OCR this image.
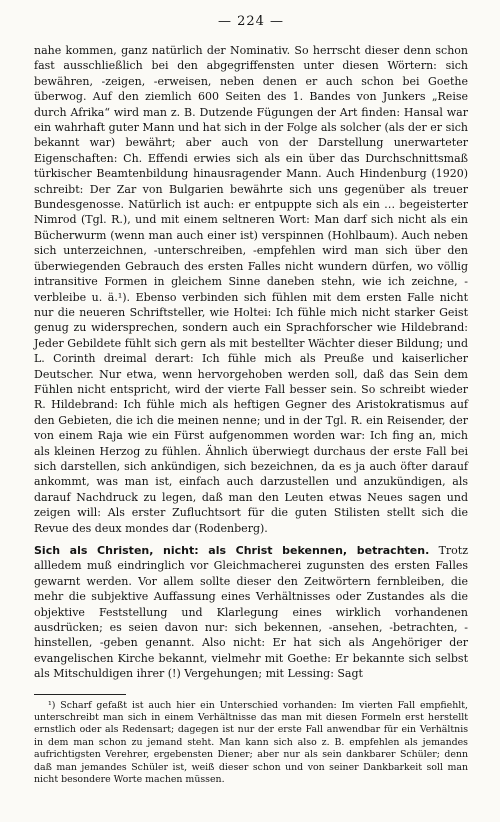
— 224 —

nahe kommen, ganz natürlich der Nominativ. So herrscht dieser denn schon fast ausschließlich bei den abgegriffensten unter diesen Wörtern: sich bewähren, -zeigen, -erweisen, neben denen er auch schon bei Goethe überwog. Auf den ziemlich 600 Seiten des 1. Bandes von Junkers „Reise durch Afrika“ wird man z. B. Dutzende Fügungen der Art finden: Hansal war ein wahrhaft guter Mann und hat sich in der Folge als solcher (als der er sich bekannt war) bewährt; aber auch von der Darstellung unerwarteter Eigenschaften: Ch. Effendi erwies sich als ein über das Durchschnittsmaß türkischer Beamtenbildung hinausragender Mann. Auch Hindenburg (1920) schreibt: Der Zar von Bulgarien bewährte sich uns gegenüber als treuer Bundesgenosse. Natürlich ist auch: er entpuppte sich als ein … begeisterter Nimrod (Tgl. R.), und mit einem seltneren Wort: Man darf sich nicht als ein Bücherwurm (wenn man auch einer ist) verspinnen (Hohlbaum). Auch neben sich unterzeichnen, -unterschreiben, -empfehlen wird man sich über den überwiegenden Gebrauch des ersten Falles nicht wundern dürfen, wo völlig intransitive Formen in gleichem Sinne daneben stehn, wie ich zeichne, -verbleibe u. ä.¹). Ebenso verbinden sich fühlen mit dem ersten Falle nicht nur die neueren Schriftsteller, wie Holtei: Ich fühle mich nicht starker Geist genug zu widersprechen, sondern auch ein Sprachforscher wie Hildebrand: Jeder Gebildete fühlt sich gern als mit bestellter Wächter dieser Bildung; und L. Corinth dreimal derart: Ich fühle mich als Preuße und kaiserlicher Deutscher. Nur etwa, wenn hervorgehoben werden soll, daß das Sein dem Fühlen nicht entspricht, wird der vierte Fall besser sein. So schreibt wieder R. Hildebrand: Ich fühle mich als heftigen Gegner des Aristokratismus auf den Gebieten, die ich die meinen nenne; und in der Tgl. R. ein Reisender, der von einem Raja wie ein Fürst aufgenommen worden war: Ich fing an, mich als kleinen Herzog zu fühlen. Ähnlich überwiegt durchaus der erste Fall bei sich darstellen, sich ankündigen, sich bezeichnen, da es ja auch öfter darauf ankommt, was man ist, einfach auch darzustellen und anzukündigen, als darauf Nachdruck zu legen, daß man den Leuten etwas Neues sagen und zeigen will: Als erster Zufluchtsort für die guten Stilisten stellt sich die Revue des deux mondes dar (Rodenberg).

Sich als Christen, nicht: als Christ bekennen, betrachten. Trotz allledem muß eindringlich vor Gleichmacherei zugunsten des ersten Falles gewarnt werden. Vor allem sollte dieser den Zeitwörtern fernbleiben, die mehr die subjektive Auffassung eines Verhältnisses oder Zustandes als die objektive Feststellung und Klarlegung eines wirklich vorhandenen ausdrücken; es seien davon nur: sich bekennen, -ansehen, -betrachten, -hinstellen, -geben genannt. Also nicht: Er hat sich als Angehöriger der evangelischen Kirche bekannt, vielmehr mit Goethe: Er bekannte sich selbst als Mitschuldigen ihrer (!) Vergehungen; mit Lessing: Sagt

¹) Scharf gefaßt ist auch hier ein Unterschied vorhanden: Im vierten Fall empfiehlt, unterschreibt man sich in einem Verhältnisse das man mit diesen Formeln erst herstellt ernstlich oder als Redensart; dagegen ist nur der erste Fall anwendbar für ein Verhältnis in dem man schon zu jemand steht. Man kann sich also z. B. empfehlen als jemandes aufrichtigsten Verehrer, ergebensten Diener; aber nur als sein dankbarer Schüler; denn daß man jemandes Schüler ist, weiß dieser schon und von seiner Dankbarkeit soll man nicht besondere Worte machen müssen.
